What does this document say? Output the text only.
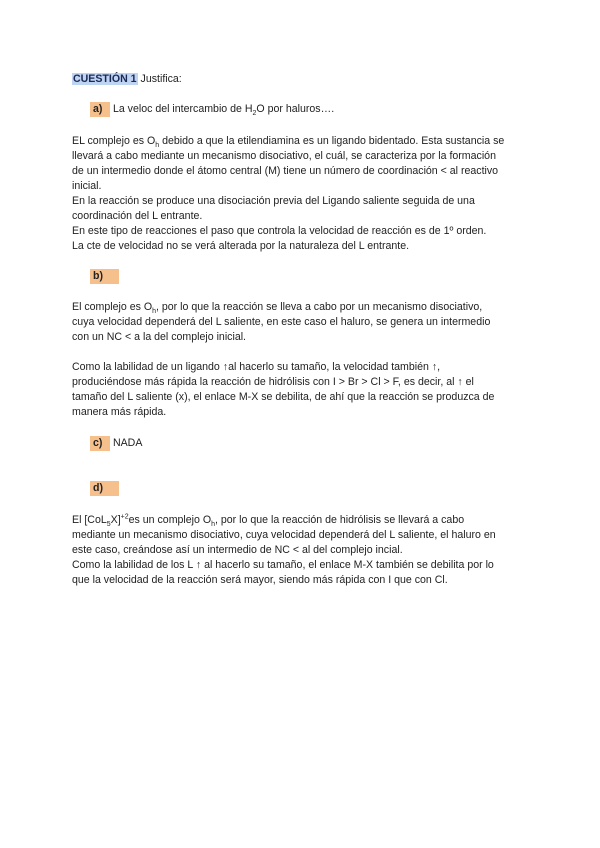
CUESTIÓN 1 Justifica:
a) La veloc del intercambio de $H_2O$ por haluros….
EL complejo es $O_h$ debido a que la etilendiamina es un ligando bidentado. Esta sustancia se
llevará a cabo mediante un mecanismo disociativo, el cuál, se caracteriza por la formación
de un intermedio donde el átomo central (M) tiene un número de coordinación < al reactivo
inicial.
En la reacción se produce una disociación previa del Ligando saliente seguida de una
coordinación del L entrante.
En este tipo de reacciones el paso que controla la velocidad de reacción es de 1º orden.
La cte de velocidad no se verá alterada por la naturaleza del L entrante.
b)
El complejo es $O_h$, por lo que la reacción se lleva a cabo por un mecanismo disociativo,
cuya velocidad dependerá del L saliente, en este caso el haluro, se genera un intermedio
con un NC < a la del complejo inicial.
Como la labilidad de un ligando ↑al hacerlo su tamaño, la velocidad también ↑,
produciéndose más rápida la reacción de hidrólisis con I > Br > Cl > F, es decir, al ↑ el
tamaño del L saliente (x), el enlace M-X se debilita, de ahí que la reacción se produzca de
manera más rápida.
c) NADA
d)
El $[CoL_5X]^{+2}es$ un complejo $O_h$, por lo que la reacción de hidrólisis se llevará a cabo
mediante un mecanismo disociativo, cuya velocidad dependerá del L saliente, el haluro en
este caso, creándose así un intermedio de NC < al del complejo incial.
Como la labilidad de los L ↑ al hacerlo su tamaño, el enlace M-X también se debilita por lo
que la velocidad de la reacción será mayor, siendo más rápida con I que con Cl.
